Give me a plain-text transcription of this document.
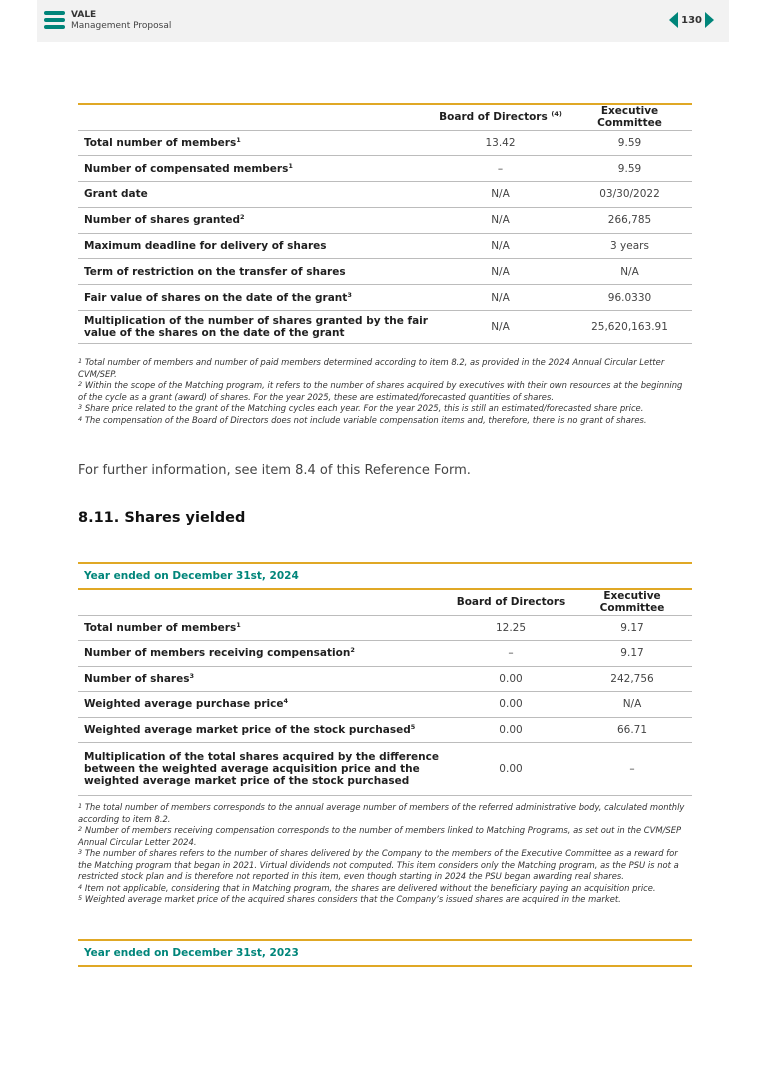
VALE
Management Proposal
130
	Board of Directors $^{(4)}$	Executive Committee
Total number of members$^1$	13.42	9.59
Number of compensated members$^1$	–	9.59
Grant date	N/A	03/30/2022
Number of shares granted$^2$	N/A	266,785
Maximum deadline for delivery of shares	N/A	3 years
Term of restriction on the transfer of shares	N/A	N/A
Fair value of shares on the date of the grant$^3$	N/A	96.0330
Multiplication of the number of shares granted by the fair value of the shares on the date of the grant	N/A	25,620,163.91

$^1$ Total number of members and number of paid members determined according to item 8.2, as provided in the 2024 Annual Circular Letter CVM/SEP.

$^2$ Within the scope of the Matching program, it refers to the number of shares acquired by executives with their own resources at the beginning of the cycle as a grant (award) of shares. For the year 2025, these are estimated/forecasted quantities of shares.

$^3$ Share price related to the grant of the Matching cycles each year. For the year 2025, this is still an estimated/forecasted share price.

$^4$ The compensation of the Board of Directors does not include variable compensation items and, therefore, there is no grant of shares.

For further information, see item 8.4 of this Reference Form.
8.11. Shares yielded
Year ended on December 31st, 2024
	Board of Directors	Executive Committee
Total number of members$^1$	12.25	9.17
Number of members receiving compensation$^2$	–	9.17
Number of shares$^3$	0.00	242,756
Weighted average purchase price$^4$	0.00	N/A
Weighted average market price of the stock purchased$^5$	0.00	66.71
Multiplication of the total shares acquired by the difference between the weighted average acquisition price and the weighted average market price of the stock purchased	0.00	–

$^1$ The total number of members corresponds to the annual average number of members of the referred administrative body, calculated monthly according to item 8.2.

$^2$ Number of members receiving compensation corresponds to the number of members linked to Matching Programs, as set out in the CVM/SEP Annual Circular Letter 2024.

$^3$ The number of shares refers to the number of shares delivered by the Company to the members of the Executive Committee as a reward for the Matching program that began in 2021. Virtual dividends not computed. This item considers only the Matching program, as the PSU is not a restricted stock plan and is therefore not reported in this item, even though starting in 2024 the PSU began awarding real shares.

$^4$ Item not applicable, considering that in Matching program, the shares are delivered without the beneficiary paying an acquisition price.

$^5$ Weighted average market price of the acquired shares considers that the Company’s issued shares are acquired in the market.

Year ended on December 31st, 2023
